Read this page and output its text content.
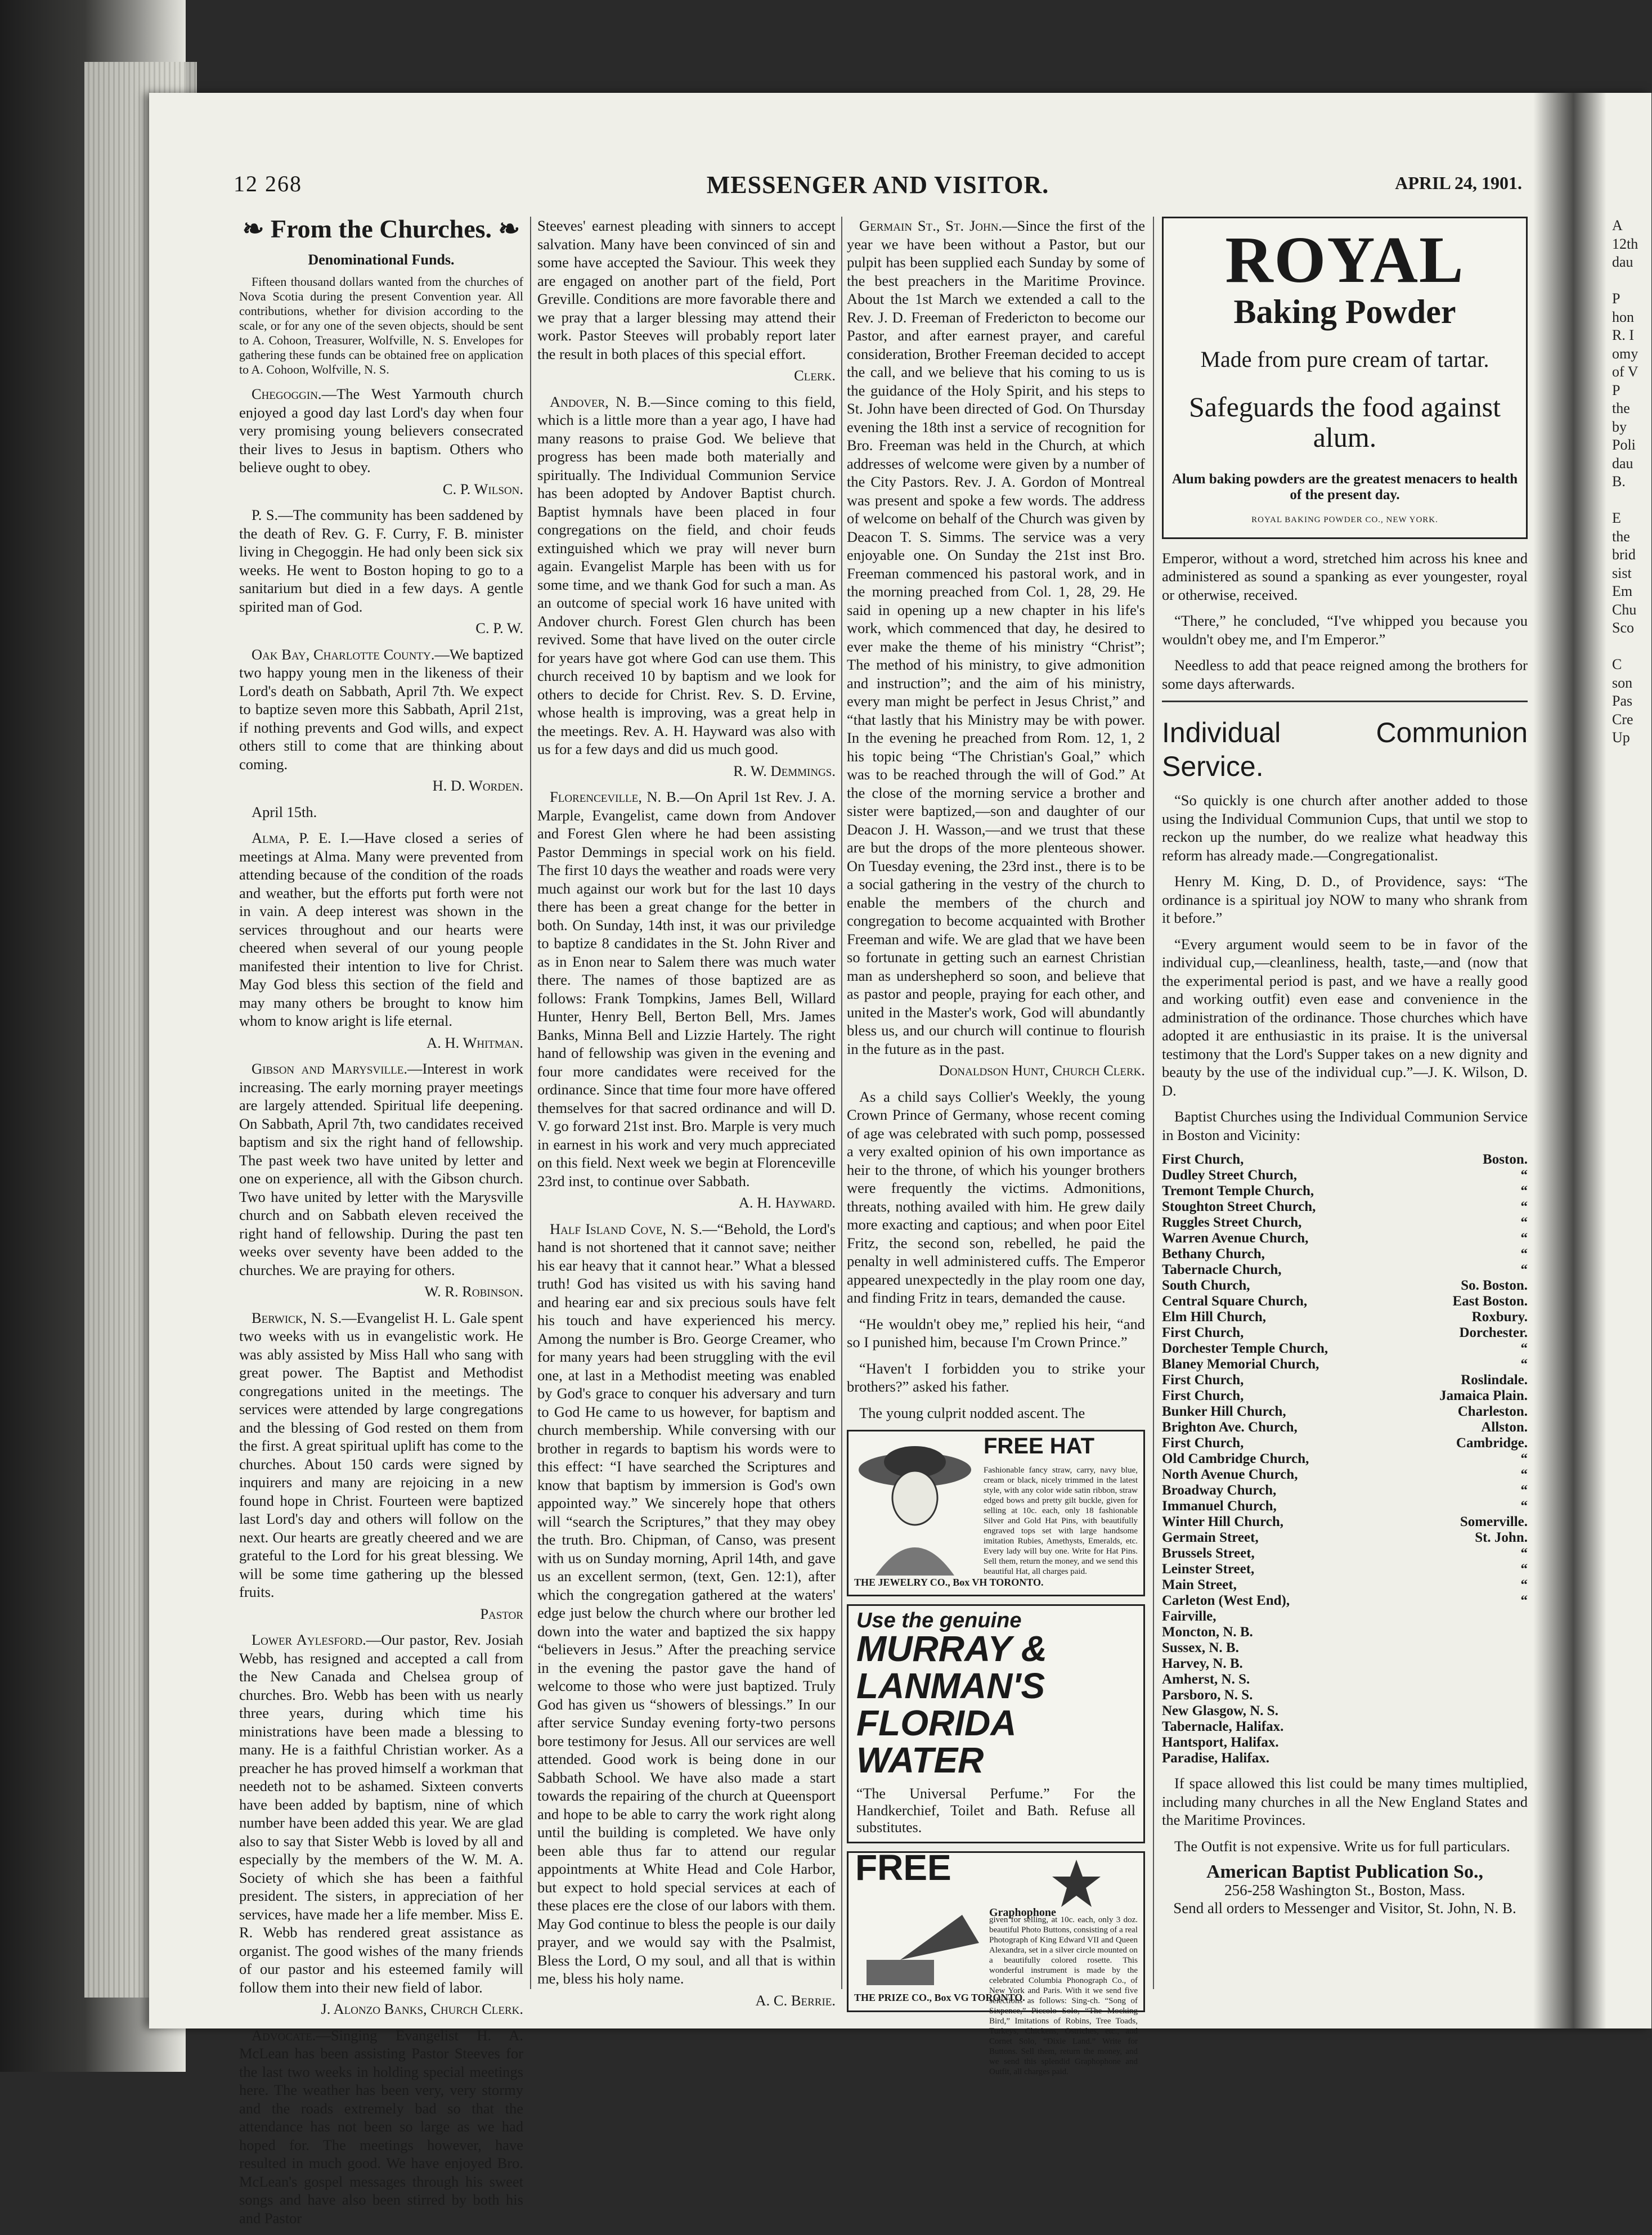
12 268	MESSENGER AND VISITOR.	APRIL 24, 1901.
❧ From the Churches. ❧
Denominational Funds.

Fifteen thousand dollars wanted from the churches of Nova Scotia during the present Convention year. All contributions, whether for division according to the scale, or for any one of the seven objects, should be sent to A. Cohoon, Treasurer, Wolfville, N. S. Envelopes for gathering these funds can be obtained free on application to A. Cohoon, Wolfville, N. S.

Chegoggin.—The West Yarmouth church enjoyed a good day last Lord's day when four very promising young believers consecrated their lives to Jesus in baptism. Others who believe ought to obey.

C. P. Wilson.

P. S.—The community has been saddened by the death of Rev. G. F. Curry, F. B. minister living in Chegoggin. He had only been sick six weeks. He went to Boston hoping to go to a sanitarium but died in a few days. A gentle spirited man of God.

C. P. W.

Oak Bay, Charlotte County.—We baptized two happy young men in the likeness of their Lord's death on Sabbath, April 7th. We expect to baptize seven more this Sabbath, April 21st, if nothing prevents and God wills, and expect others still to come that are thinking about coming.

H. D. Worden.

April 15th.

Alma, P. E. I.—Have closed a series of meetings at Alma. Many were prevented from attending because of the condition of the roads and weather, but the efforts put forth were not in vain. A deep interest was shown in the services throughout and our hearts were cheered when several of our young people manifested their intention to live for Christ. May God bless this section of the field and may many others be brought to know him whom to know aright is life eternal.

A. H. Whitman.

Gibson and Marysville.—Interest in work increasing. The early morning prayer meetings are largely attended. Spiritual life deepening. On Sabbath, April 7th, two candidates received baptism and six the right hand of fellowship. The past week two have united by letter and one on experience, all with the Gibson church. Two have united by letter with the Marysville church and on Sabbath eleven received the right hand of fellowship. During the past ten weeks over seventy have been added to the churches. We are praying for others.

W. R. Robinson.

Berwick, N. S.—Evangelist H. L. Gale spent two weeks with us in evangelistic work. He was ably assisted by Miss Hall who sang with great power. The Baptist and Methodist congregations united in the meetings. The services were attended by large congregations and the blessing of God rested on them from the first. A great spiritual uplift has come to the churches. About 150 cards were signed by inquirers and many are rejoicing in a new found hope in Christ. Fourteen were baptized last Lord's day and others will follow on the next. Our hearts are greatly cheered and we are grateful to the Lord for his great blessing. We will be some time gathering up the blessed fruits.

Pastor

Lower Aylesford.—Our pastor, Rev. Josiah Webb, has resigned and accepted a call from the New Canada and Chelsea group of churches. Bro. Webb has been with us nearly three years, during which time his ministrations have been made a blessing to many. He is a faithful Christian worker. As a preacher he has proved himself a workman that needeth not to be ashamed. Sixteen converts have been added by baptism, nine of which number have been added this year. We are glad also to say that Sister Webb is loved by all and especially by the members of the W. M. A. Society of which she has been a faithful president. The sisters, in appreciation of her services, have made her a life member. Miss E. R. Webb has rendered great assistance as organist. The good wishes of the many friends of our pastor and his esteemed family will follow them into their new field of labor.

J. Alonzo Banks, Church Clerk.

Advocate.—Singing Evangelist H. A. McLean has been assisting Pastor Steeves for the last two weeks in holding special meetings here. The weather has been very, very stormy and the roads extremely bad so that the attendance has not been so large as we had hoped for. The meetings however, have resulted in much good. We have enjoyed Bro. McLean's gospel messages through his sweet songs and have also been stirred by both his and Pastor

Steeves' earnest pleading with sinners to accept salvation. Many have been convinced of sin and some have accepted the Saviour. This week they are engaged on another part of the field, Port Greville. Conditions are more favorable there and we pray that a larger blessing may attend their work. Pastor Steeves will probably report later the result in both places of this special effort.

Clerk.

Andover, N. B.—Since coming to this field, which is a little more than a year ago, I have had many reasons to praise God. We believe that progress has been made both materially and spiritually. The Individual Communion Service has been adopted by Andover Baptist church. Baptist hymnals have been placed in four congregations on the field, and choir feuds extinguished which we pray will never burn again. Evangelist Marple has been with us for some time, and we thank God for such a man. As an outcome of special work 16 have united with Andover church. Forest Glen church has been revived. Some that have lived on the outer circle for years have got where God can use them. This church received 10 by baptism and we look for others to decide for Christ. Rev. S. D. Ervine, whose health is improving, was a great help in the meetings. Rev. A. H. Hayward was also with us for a few days and did us much good.

R. W. Demmings.

Florenceville, N. B.—On April 1st Rev. J. A. Marple, Evangelist, came down from Andover and Forest Glen where he had been assisting Pastor Demmings in special work on his field. The first 10 days the weather and roads were very much against our work but for the last 10 days there has been a great change for the better in both. On Sunday, 14th inst, it was our priviledge to baptize 8 candidates in the St. John River and as in Enon near to Salem there was much water there. The names of those baptized are as follows: Frank Tompkins, James Bell, Willard Hunter, Henry Bell, Berton Bell, Mrs. James Banks, Minna Bell and Lizzie Hartely. The right hand of fellowship was given in the evening and four more candidates were received for the ordinance. Since that time four more have offered themselves for that sacred ordinance and will D. V. go forward 21st inst. Bro. Marple is very much in earnest in his work and very much appreciated on this field. Next week we begin at Florenceville 23rd inst, to continue over Sabbath.

A. H. Hayward.

Half Island Cove, N. S.—“Behold, the Lord's hand is not shortened that it cannot save; neither his ear heavy that it cannot hear.” What a blessed truth! God has visited us with his saving hand and hearing ear and six precious souls have felt his touch and have experienced his mercy. Among the number is Bro. George Creamer, who for many years had been struggling with the evil one, at last in a Methodist meeting was enabled by God's grace to conquer his adversary and turn to God He came to us however, for baptism and church membership. While conversing with our brother in regards to baptism his words were to this effect: “I have searched the Scriptures and know that baptism by immersion is God's own appointed way.” We sincerely hope that others will “search the Scriptures,” that they may obey the truth. Bro. Chipman, of Canso, was present with us on Sunday morning, April 14th, and gave us an excellent sermon, (text, Gen. 12:1), after which the congregation gathered at the waters' edge just below the church where our brother led down into the water and baptized the six happy “believers in Jesus.” After the preaching service in the evening the pastor gave the hand of welcome to those who were just baptized. Truly God has given us “showers of blessings.” In our after service Sunday evening forty-two persons bore testimony for Jesus. All our services are well attended. Good work is being done in our Sabbath School. We have also made a start towards the repairing of the church at Queensport and hope to be able to carry the work right along until the building is completed. We have only been able thus far to attend our regular appointments at White Head and Cole Harbor, but expect to hold special services at each of these places ere the close of our labors with them. May God continue to bless the people is our daily prayer, and we would say with the Psalmist, Bless the Lord, O my soul, and all that is within me, bless his holy name.

A. C. Berrie.

Germain St., St. John.—Since the first of the year we have been without a Pastor, but our pulpit has been supplied each Sunday by some of the best preachers in the Maritime Province. About the 1st March we extended a call to the Rev. J. D. Freeman of Fredericton to become our Pastor, and after earnest prayer, and careful consideration, Brother Freeman decided to accept the call, and we believe that his coming to us is the guidance of the Holy Spirit, and his steps to St. John have been directed of God. On Thursday evening the 18th inst a service of recognition for Bro. Freeman was held in the Church, at which addresses of welcome were given by a number of the City Pastors. Rev. J. A. Gordon of Montreal was present and spoke a few words. The address of welcome on behalf of the Church was given by Deacon T. S. Simms. The service was a very enjoyable one. On Sunday the 21st inst Bro. Freeman commenced his pastoral work, and in the morning preached from Col. 1, 28, 29. He said in opening up a new chapter in his life's work, which commenced that day, he desired to ever make the theme of his ministry “Christ”; The method of his ministry, to give admonition and instruction”; and the aim of his ministry, every man might be perfect in Jesus Christ,” and “that lastly that his Ministry may be with power. In the evening he preached from Rom. 12, 1, 2 his topic being “The Christian's Goal,” which was to be reached through the will of God.” At the close of the morning service a brother and sister were baptized,—son and daughter of our Deacon J. H. Wasson,—and we trust that these are but the drops of the more plenteous shower. On Tuesday evening, the 23rd inst., there is to be a social gathering in the vestry of the church to enable the members of the church and congregation to become acquainted with Brother Freeman and wife. We are glad that we have been so fortunate in getting such an earnest Christian man as undershepherd so soon, and believe that as pastor and people, praying for each other, and united in the Master's work, God will abundantly bless us, and our church will continue to flourish in the future as in the past.

Donaldson Hunt, Church Clerk.

As a child says Collier's Weekly, the young Crown Prince of Germany, whose recent coming of age was celebrated with such pomp, possessed a very exalted opinion of his own importance as heir to the throne, of which his younger brothers were frequently the victims. Admonitions, threats, nothing availed with him. He grew daily more exacting and captious; and when poor Eitel Fritz, the second son, rebelled, he paid the penalty in well administered cuffs. The Emperor appeared unexpectedly in the play room one day, and finding Fritz in tears, demanded the cause.

“He wouldn't obey me,” replied his heir, “and so I punished him, because I'm Crown Prince.”

“Haven't I forbidden you to strike your brothers?” asked his father.

The young culprit nodded ascent. The

FREE HAT
Fashionable fancy straw, carry, navy blue, cream or black, nicely trimmed in the latest style, with any color wide satin ribbon, straw edged bows and pretty gilt buckle, given for selling at 10c. each, only 18 fashionable Silver and Gold Hat Pins, with beautifully engraved tops set with large handsome imitation Rubies, Amethysts, Emeralds, etc. Every lady will buy one. Write for Hat Pins. Sell them, return the money, and we send this beautiful Hat, all charges paid.
THE JEWELRY CO., Box VH TORONTO.
Use the genuine
MURRAY &
LANMAN'S
FLORIDA
WATER
“The Universal Perfume.” For the Handkerchief, Toilet and Bath. Refuse all substitutes.
FREE
Graphophone
given for selling, at 10c. each, only 3 doz. beautiful Photo Buttons, consisting of a real Photograph of King Edward VII and Queen Alexandra, set in a silver circle mounted on a beautifully colored rosette. This wonderful instrument is made by the celebrated Columbia Phonograph Co., of New York and Paris. With it we send five selections as follows: Sing-ch. “Song of Sixpence,” Piccolo Solo, “The Mocking Bird,” Imitations of Robins, Tree Toads, Turkeys, Chickens, Ostriches, etc., and Cornet Solo, “Dixie Land.” Write for Buttons. Sell them, return the money, and we send this splendid Graphophone and Outfit, all charges paid.
THE PRIZE CO., Box VG TORONTO.
ROYAL
Baking Powder
Made from pure cream of tartar.
Safeguards the food against alum.
Alum baking powders are the greatest menacers to health of the present day.
ROYAL BAKING POWDER CO., NEW YORK.

Emperor, without a word, stretched him across his knee and administered as sound a spanking as ever youngester, royal or otherwise, received.

“There,” he concluded, “I've whipped you because you wouldn't obey me, and I'm Emperor.”

Needless to add that peace reigned among the brothers for some days afterwards.

Individual Communion Service.

“So quickly is one church after another added to those using the Individual Communion Cups, that until we stop to reckon up the number, do we realize what headway this reform has already made.—Congregationalist.

Henry M. King, D. D., of Providence, says: “The ordinance is a spiritual joy NOW to many who shrank from it before.”

“Every argument would seem to be in favor of the individual cup,—cleanliness, health, taste,—and (now that the experimental period is past, and we have a really good and working outfit) even ease and convenience in the administration of the ordinance. Those churches which have adopted it are enthusiastic in its praise. It is the universal testimony that the Lord's Supper takes on a new dignity and beauty by the use of the individual cup.”—J. K. Wilson, D. D.

Baptist Churches using the Individual Communion Service in Boston and Vicinity:

First Church,	Boston.
Dudley Street Church,	“
Tremont Temple Church,	“
Stoughton Street Church,	“
Ruggles Street Church,	“
Warren Avenue Church,	“
Bethany Church,	“
Tabernacle Church,	“
South Church,	So. Boston.
Central Square Church,	East Boston.
Elm Hill Church,	Roxbury.
First Church,	Dorchester.
Dorchester Temple Church,	“
Blaney Memorial Church,	“
First Church,	Roslindale.
First Church,	Jamaica Plain.
Bunker Hill Church,	Charleston.
Brighton Ave. Church,	Allston.
First Church,	Cambridge.
Old Cambridge Church,	“
North Avenue Church,	“
Broadway Church,	“
Immanuel Church,	“
Winter Hill Church,	Somerville.
Germain Street,	St. John.
Brussels Street,	“
Leinster Street,	“
Main Street,	“
Carleton (West End),	“
Fairville,	
Moncton, N. B.	
Sussex, N. B.	
Harvey, N. B.	
Amherst, N. S.	
Parsboro, N. S.	
New Glasgow, N. S.	
Tabernacle, Halifax.	
Hantsport, Halifax.	
Paradise, Halifax.	

If space allowed this list could be many times multiplied, including many churches in all the New England States and the Maritime Provinces.

The Outfit is not expensive. Write us for full particulars.

American Baptist Publication So.,
256-258 Washington St., Boston, Mass.
Send all orders to Messenger and Visitor, St. John, N. B.
A
12th
dau

P
hon
R. I
omy
of V
P
the
by
Poli
dau
B.

E
the
brid
sist
Em
Chu
Sco

C
son
Pas
Cre
Up
